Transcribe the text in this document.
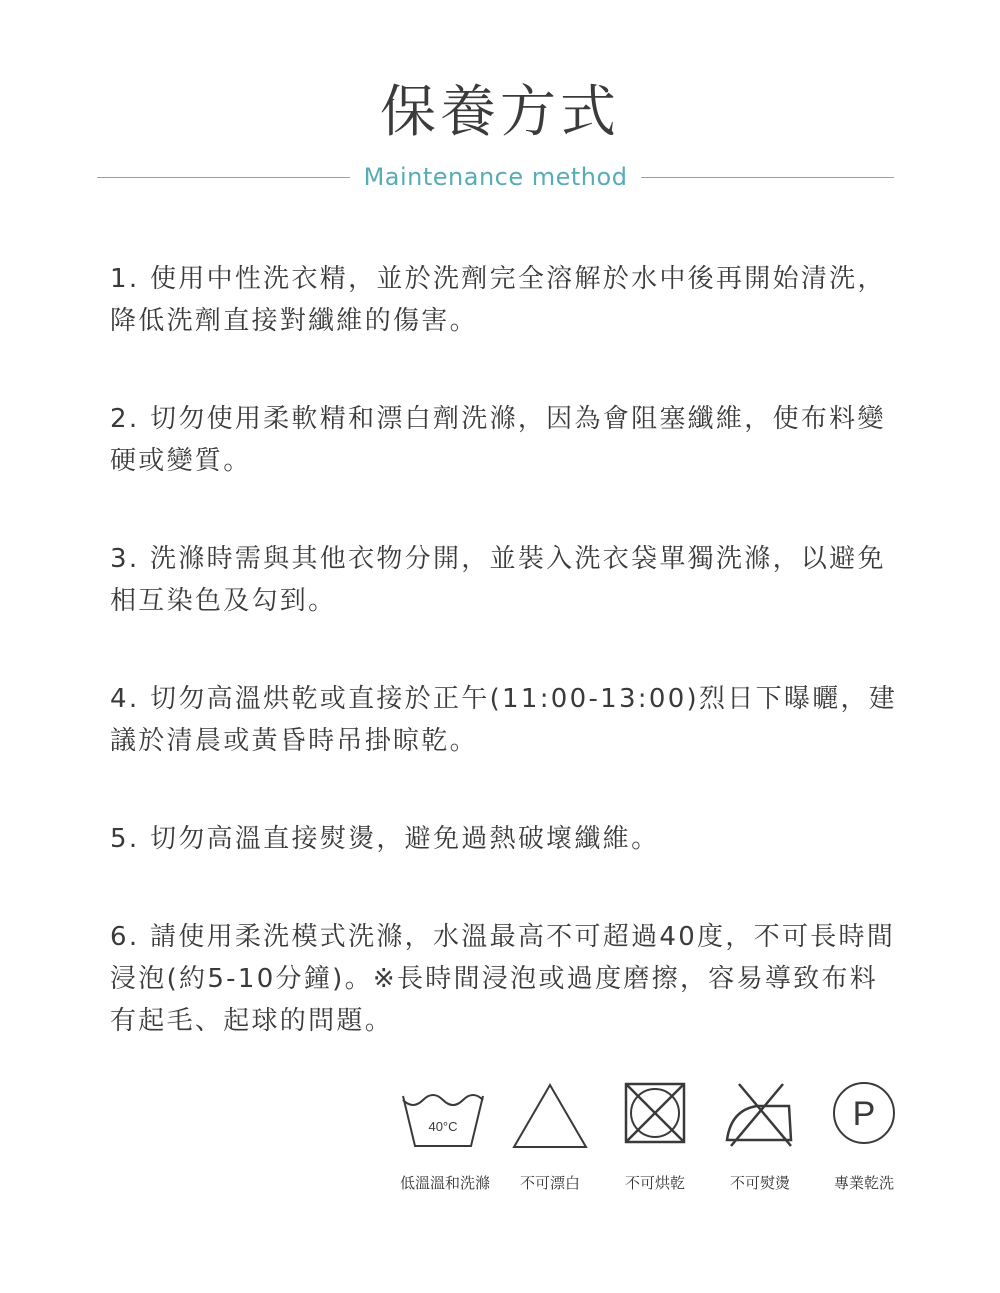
保養方式
Maintenance method

1. 使用中性洗衣精，並於洗劑完全溶解於水中後再開始清洗，降低洗劑直接對纖維的傷害。

2. 切勿使用柔軟精和漂白劑洗滌，因為會阻塞纖維，使布料變硬或變質。

3. 洗滌時需與其他衣物分開，並裝入洗衣袋單獨洗滌，以避免相互染色及勾到。

4. 切勿高溫烘乾或直接於正午(11:00-13:00)烈日下曝曬，建議於清晨或黃昏時吊掛晾乾。

5. 切勿高溫直接熨燙，避免過熱破壞纖維。

6. 請使用柔洗模式洗滌，水溫最高不可超過40度，不可長時間浸泡(約5-10分鐘)。※長時間浸泡或過度磨擦，容易導致布料有起毛、起球的問題。

40°C
低溫溫和洗滌	不可漂白	不可烘乾	不可熨燙
P
專業乾洗
